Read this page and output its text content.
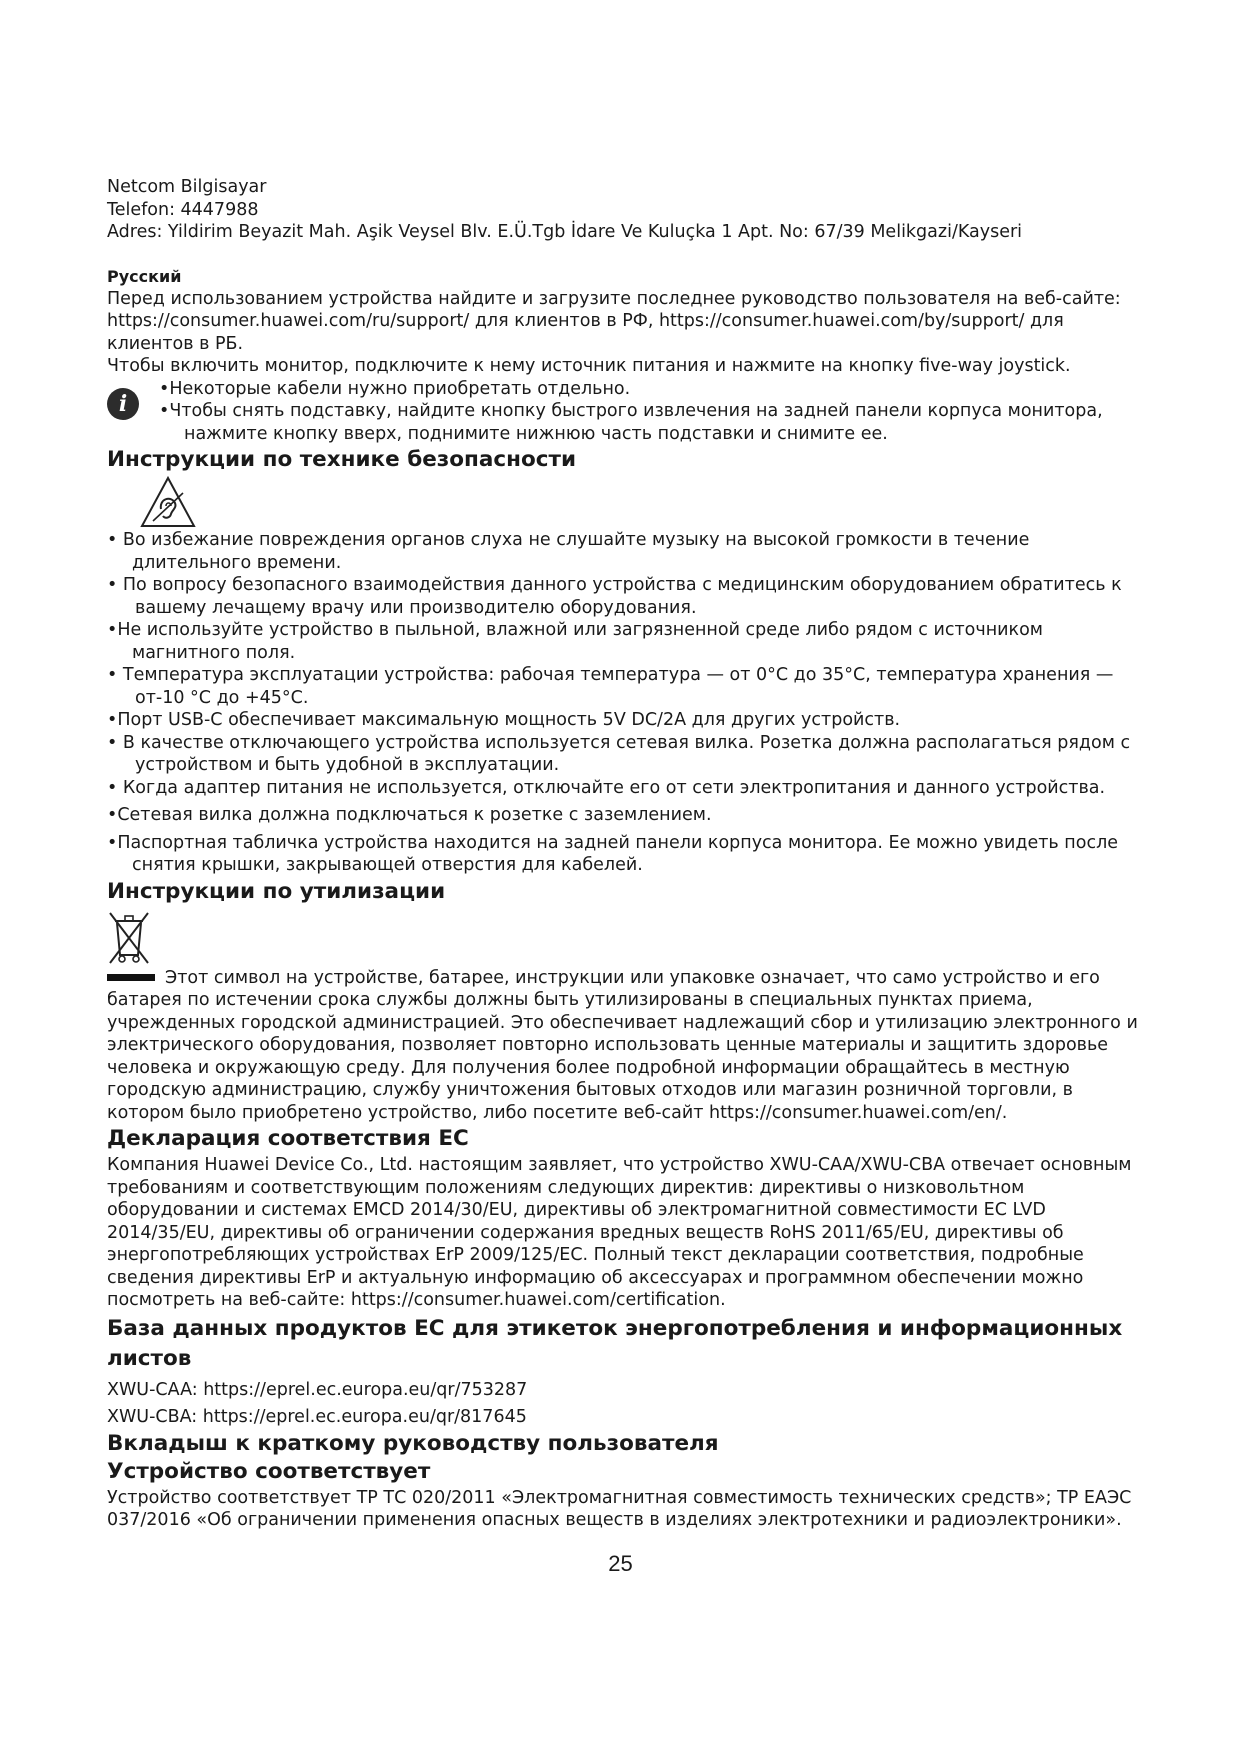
Netcom Bilgisayar

Telefon: 4447988

Adres: Yildirim Beyazit Mah. Aşik Veysel Blv. E.Ü.Tgb İdare Ve Kuluçka 1 Apt. No: 67/39 Melikgazi/Kayseri

Русский

Перед использованием устройства найдите и загрузите последнее руководство пользователя на веб-сайте: https://consumer.huawei.com/ru/support/ для клиентов в РФ, https://consumer.huawei.com/by/support/ для клиентов в РБ.

Чтобы включить монитор, подключите к нему источник питания и нажмите на кнопку five-way joystick.

i

•Некоторые кабели нужно приобретать отдельно.

•Чтобы снять подставку, найдите кнопку быстрого извлечения на задней панели корпуса монитора, нажмите кнопку вверх, поднимите нижнюю часть подставки и снимите ее.

Инструкции по технике безопасности

• Во избежание повреждения органов слуха не слушайте музыку на высокой громкости в течение длительного времени.

• По вопросу безопасного взаимодействия данного устройства с медицинским оборудованием обратитесь к вашему лечащему врачу или производителю оборудования.

•Не используйте устройство в пыльной, влажной или загрязненной среде либо рядом с источником магнитного поля.

• Температура эксплуатации устройства: рабочая температура — от 0°C до 35°C, температура хранения — от-10 °C до +45°C.

•Порт USB-C обеспечивает максимальную мощность 5V DC/2A для других устройств.

• В качестве отключающего устройства используется сетевая вилка. Розетка должна располагаться рядом с устройством и быть удобной в эксплуатации.

• Когда адаптер питания не используется, отключайте его от сети электропитания и данного устройства.

•Сетевая вилка должна подключаться к розетке с заземлением.

•Паспортная табличка устройства находится на задней панели корпуса монитора. Ее можно увидеть после снятия крышки, закрывающей отверстия для кабелей.

Инструкции по утилизации

Этот символ на устройстве, батарее, инструкции или упаковке означает, что само устройство и его батарея по истечении срока службы должны быть утилизированы в специальных пунктах приема, учрежденных городской администрацией. Это обеспечивает надлежащий сбор и утилизацию электронного и электрического оборудования, позволяет повторно использовать ценные материалы и защитить здоровье человека и окружающую среду. Для получения более подробной информации обращайтесь в местную городскую администрацию, службу уничтожения бытовых отходов или магазин розничной торговли, в котором было приобретено устройство, либо посетите веб-сайт https://consumer.huawei.com/en/.

Декларация соответствия ЕС

Компания Huawei Device Co., Ltd. настоящим заявляет, что устройство XWU-CAA/XWU-CBA отвечает основным требованиям и соответствующим положениям следующих директив: директивы о низковольтном оборудовании и системах EMCD 2014/30/EU, директивы об электромагнитной совместимости ЕС LVD 2014/35/EU, директивы об ограничении содержания вредных веществ RoHS 2011/65/EU, директивы об энергопотребляющих устройствах ErP 2009/125/EC. Полный текст декларации соответствия, подробные сведения директивы ErP и актуальную информацию об аксессуарах и программном обеспечении можно посмотреть на веб-сайте: https://consumer.huawei.com/certification.

База данных продуктов ЕС для этикеток энергопотребления и информационных листов

XWU-CAA: https://eprel.ec.europa.eu/qr/753287

XWU-CBA: https://eprel.ec.europa.eu/qr/817645

Вкладыш к краткому руководству пользователя
Устройство соответствует

Устройство соответствует ТР ТС 020/2011 «Электромагнитная совместимость технических средств»; ТР ЕАЭС 037/2016 «Об ограничении применения опасных веществ в изделиях электротехники и радиоэлектроники».

25
